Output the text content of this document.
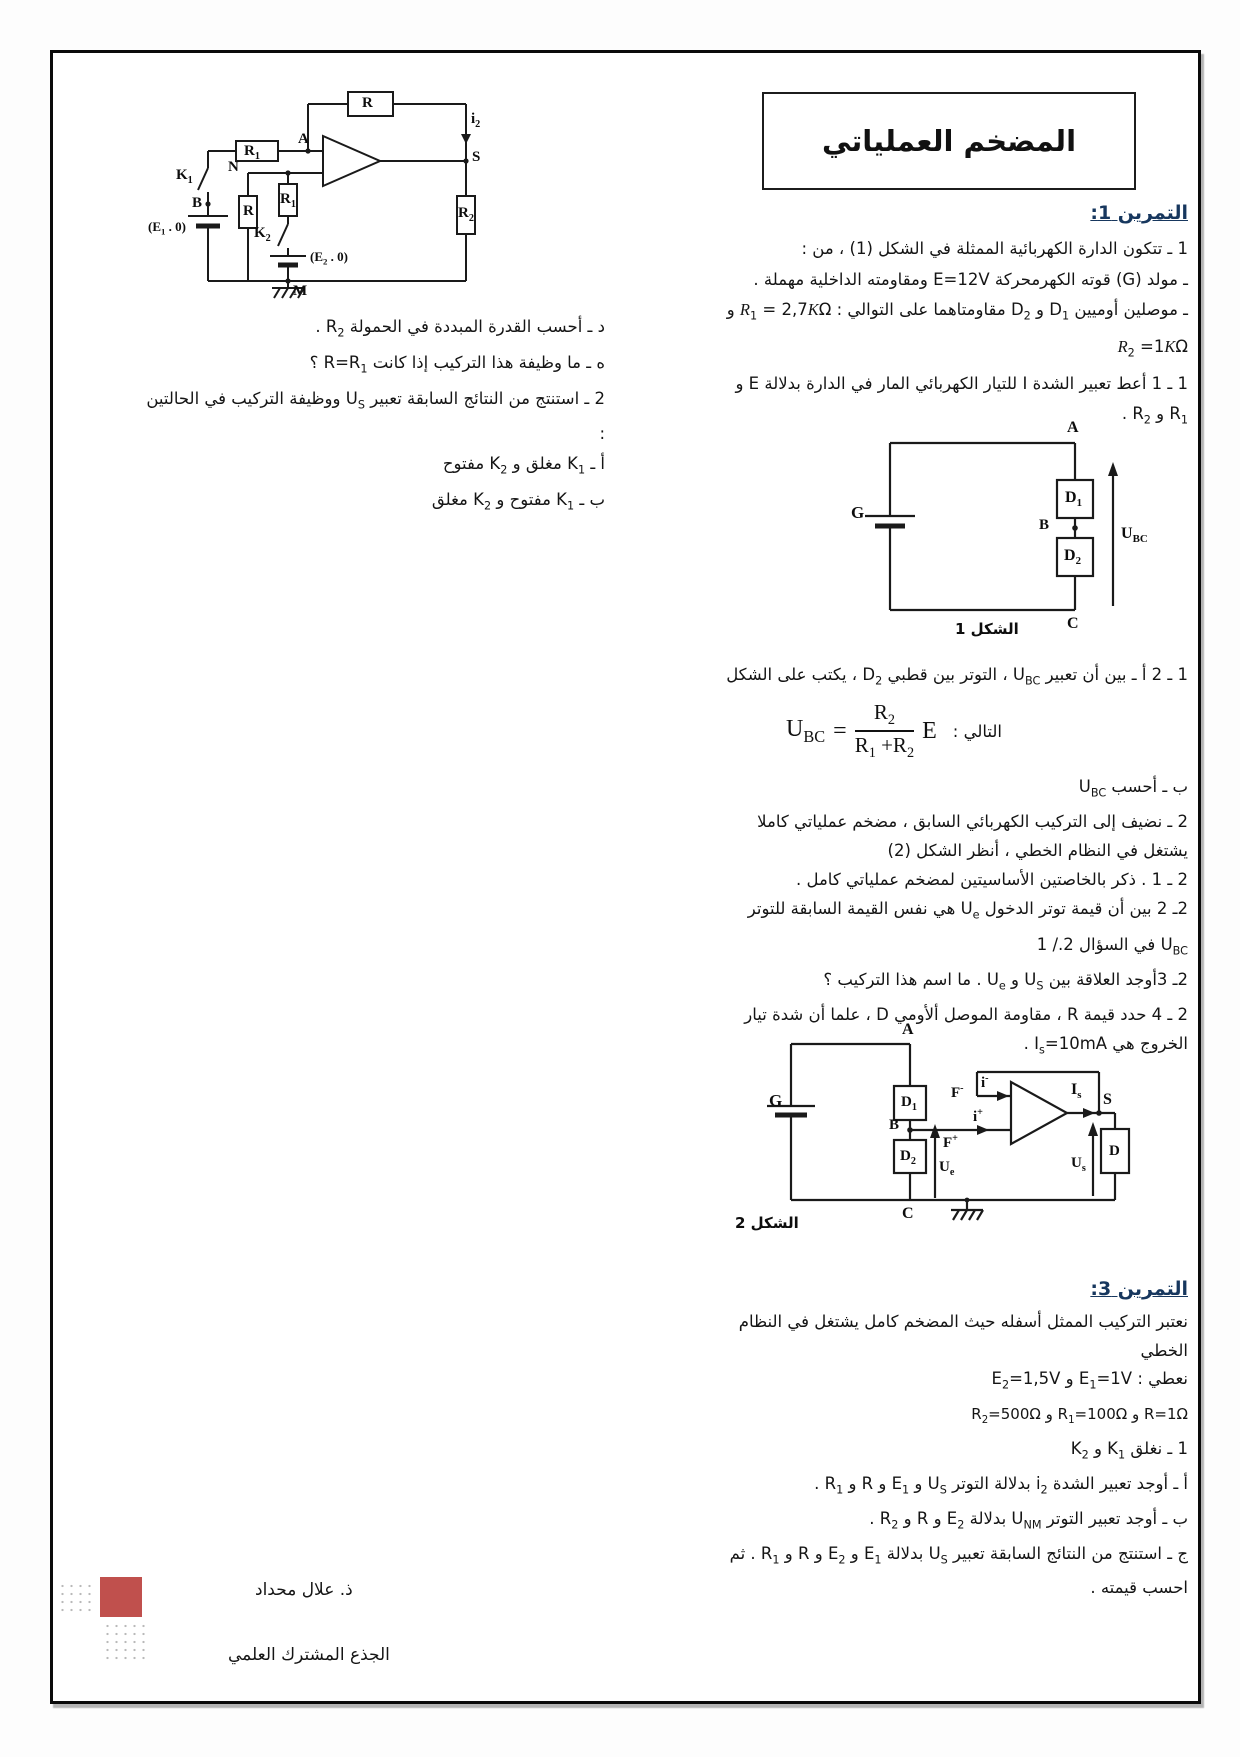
R
$R_1$
A
N
$K_1$
B
($E_1$ . 0)
R
$R_1$
$K_2$
($E_2$ . 0)
M
$i_2$
S
$R_2$
المضخم العملياتي
التمرين 1:
1 ـ تتكون الدارة الكهربائية الممثلة في الشكل (1) ، من :
ـ مولد (G) قوته الكهرمحركة E=12V ومقاومته الداخلية مهملة .
ـ موصلين أوميين $D_1$ و $D_2$ مقاومتاهما على التوالي : $R_1 = 2,7K\Omega$ و
$R_2 =1K\Omega$
1 ـ 1 أعط تعبير الشدة I للتيار الكهربائي المار في الدارة بدلالة E و
$R_1$ و $R_2$ .
د ـ أحسب القدرة المبددة في الحمولة $R_2$ .
ه ـ ما وظيفة هذا التركيب إذا كانت $R=R_1$ ؟
2 ـ استنتج من النتائج السابقة تعبير $U_S$ ووظيفة التركيب في الحالتين
:
أ ـ $K_1$ مغلق و $K_2$ مفتوح
ب ـ $K_1$ مفتوح و $K_2$ مغلق
G
A
$D_1$
B
$D_2$
C
$U_{BC}$
الشكل 1
1 ـ 2 أ ـ بين أن تعبير $U_{BC}$ ، التوتر بين قطبي $D_2$ ، يكتب على الشكل
التالي :
$U_{BC} = \frac{R_2}{R_1 +R_2}$ E
ب ـ أحسب $U_{BC}$
2 ـ نضيف إلى التركيب الكهربائي السابق ، مضخم عملياتي كاملا
يشتغل في النظام الخطي ، أنظر الشكل (2)
2 ـ 1 . ذكر بالخاصتين الأساسيتين لمضخم عملياتي كامل .
2ـ 2 بين أن قيمة توتر الدخول $U_e$ هي نفس القيمة السابقة للتوتر
$U_{BC}$ في السؤال 2./ 1
2ـ 3أوجد العلاقة بين $U_S$ و $U_e$ . ما اسم هذا التركيب ؟
2 ـ 4 حدد قيمة R ، مقاومة الموصل ألأومي D ، علما أن شدة تيار
الخروج هي $I_s=10mA$ .
G
A
$D_1$
B
$D_2$
C
$U_e$
F- i-
i+
F+
$I_s$ S
$U_s$
D
الشكل 2
التمرين 3:
نعتبر التركيب الممثل أسفله حيث المضخم كامل يشتغل في النظام
الخطي
نعطي : $E_1=1V$ و $E_2=1,5V$
R=1Ω و $R_1=100\Omega$ و $R_2=500\Omega$
1 ـ نغلق $K_1$ و $K_2$
أ ـ أوجد تعبير الشدة $i_2$ بدلالة التوتر $U_S$ و $E_1$ و R و $R_1$ .
ب ـ أوجد تعبير التوتر $U_{NM}$ بدلالة $E_2$ و R و $R_2$ .
ج ـ استنتج من النتائج السابقة تعبير $U_S$ بدلالة $E_1$ و $E_2$ و R و $R_1$ . ثم
احسب قيمته .
ذ. علال محداد
الجذع المشترك العلمي
